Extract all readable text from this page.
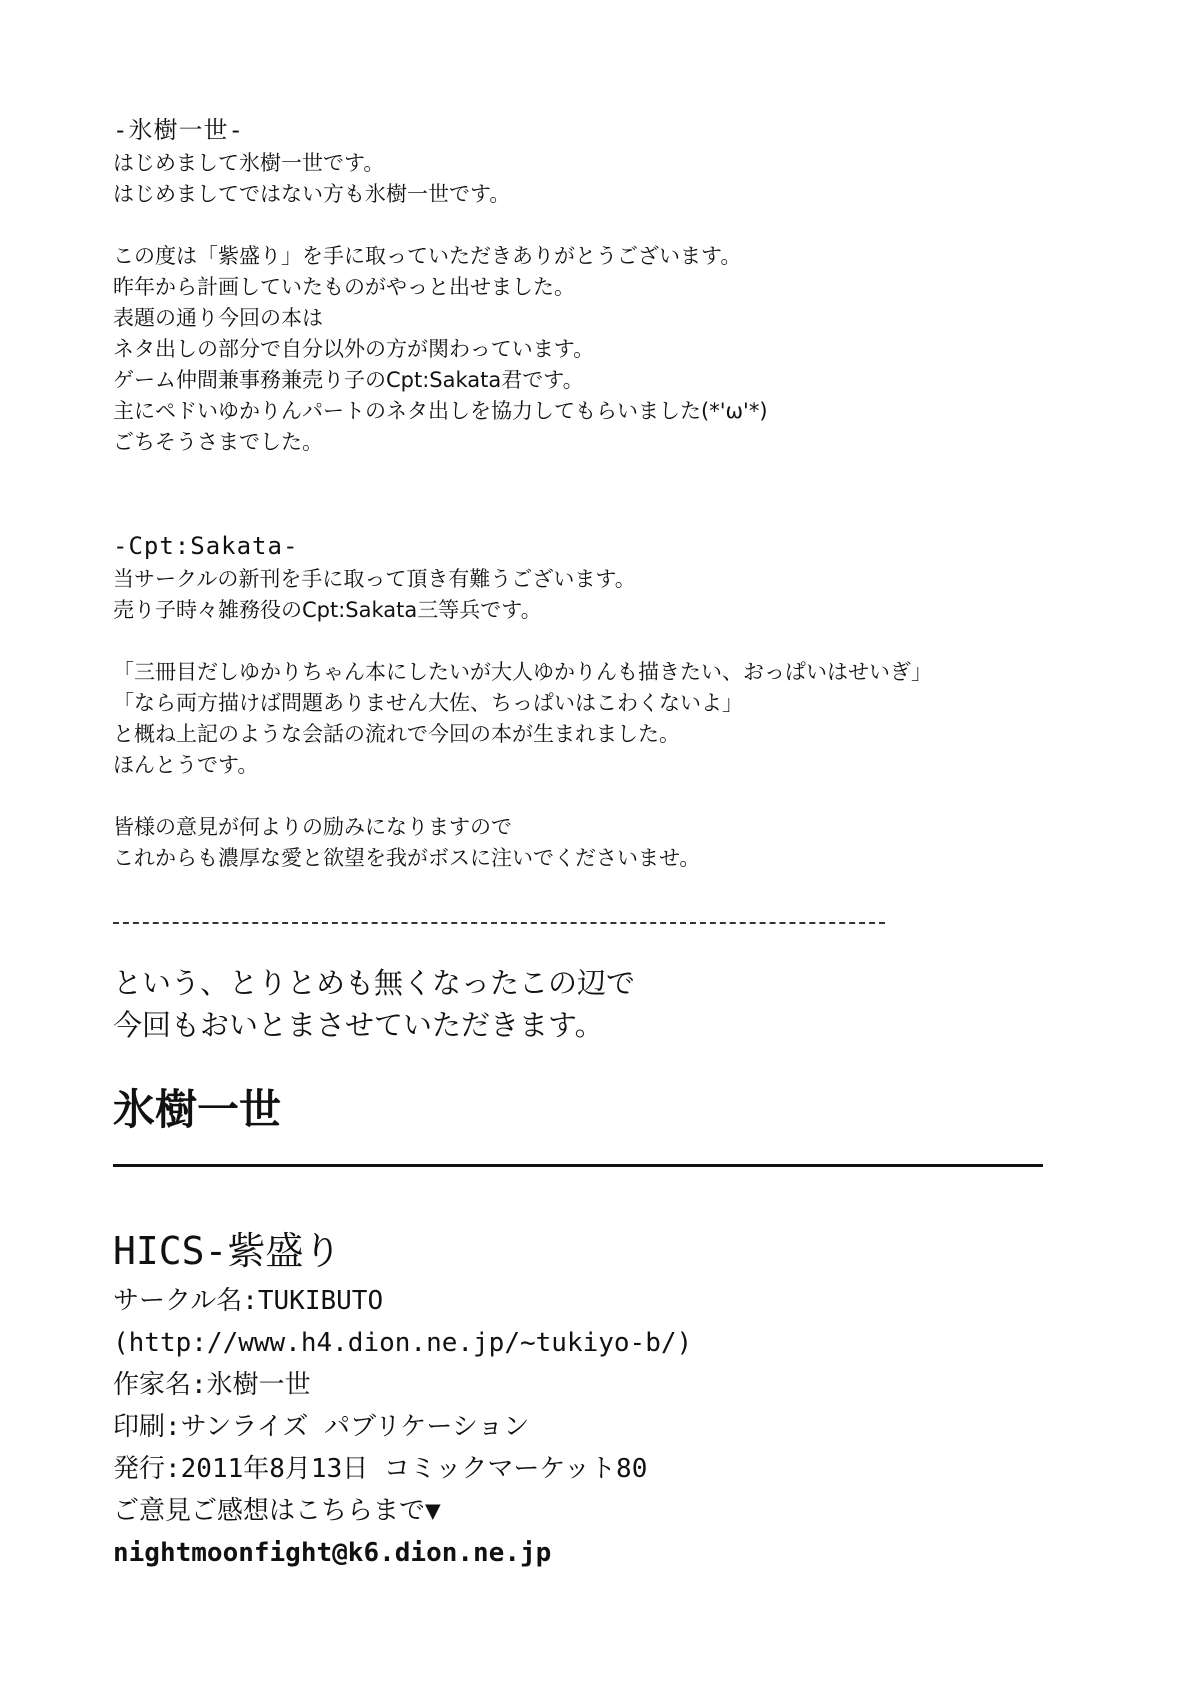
-氷樹一世-
はじめまして氷樹一世です。
はじめましてではない方も氷樹一世です。

この度は「紫盛り」を手に取っていただきありがとうございます。
昨年から計画していたものがやっと出せました。
表題の通り今回の本は
ネタ出しの部分で自分以外の方が関わっています。
ゲーム仲間兼事務兼売り子のCpt:Sakata君です。
主にペドいゆかりんパートのネタ出しを協力してもらいました(*'ω'*)
ごちそうさまでした。
-Cpt:Sakata-
当サークルの新刊を手に取って頂き有難うございます。
売り子時々雑務役のCpt:Sakata三等兵です。

「三冊目だしゆかりちゃん本にしたいが大人ゆかりんも描きたい、おっぱいはせいぎ」
「なら両方描けば問題ありません大佐、ちっぱいはこわくないよ」
と概ね上記のような会話の流れで今回の本が生まれました。
ほんとうです。

皆様の意見が何よりの励みになりますので
これからも濃厚な愛と欲望を我がボスに注いでくださいませ。
という、とりとめも無くなったこの辺で
今回もおいとまさせていただきます。
氷樹一世
HICS-紫盛り
サークル名:TUKIBUTO
(http://www.h4.dion.ne.jp/~tukiyo-b/)
作家名:氷樹一世
印刷:サンライズ パブリケーション
発行:2011年8月13日 コミックマーケット80
ご意見ご感想はこちらまで▼
nightmoonfight@k6.dion.ne.jp
